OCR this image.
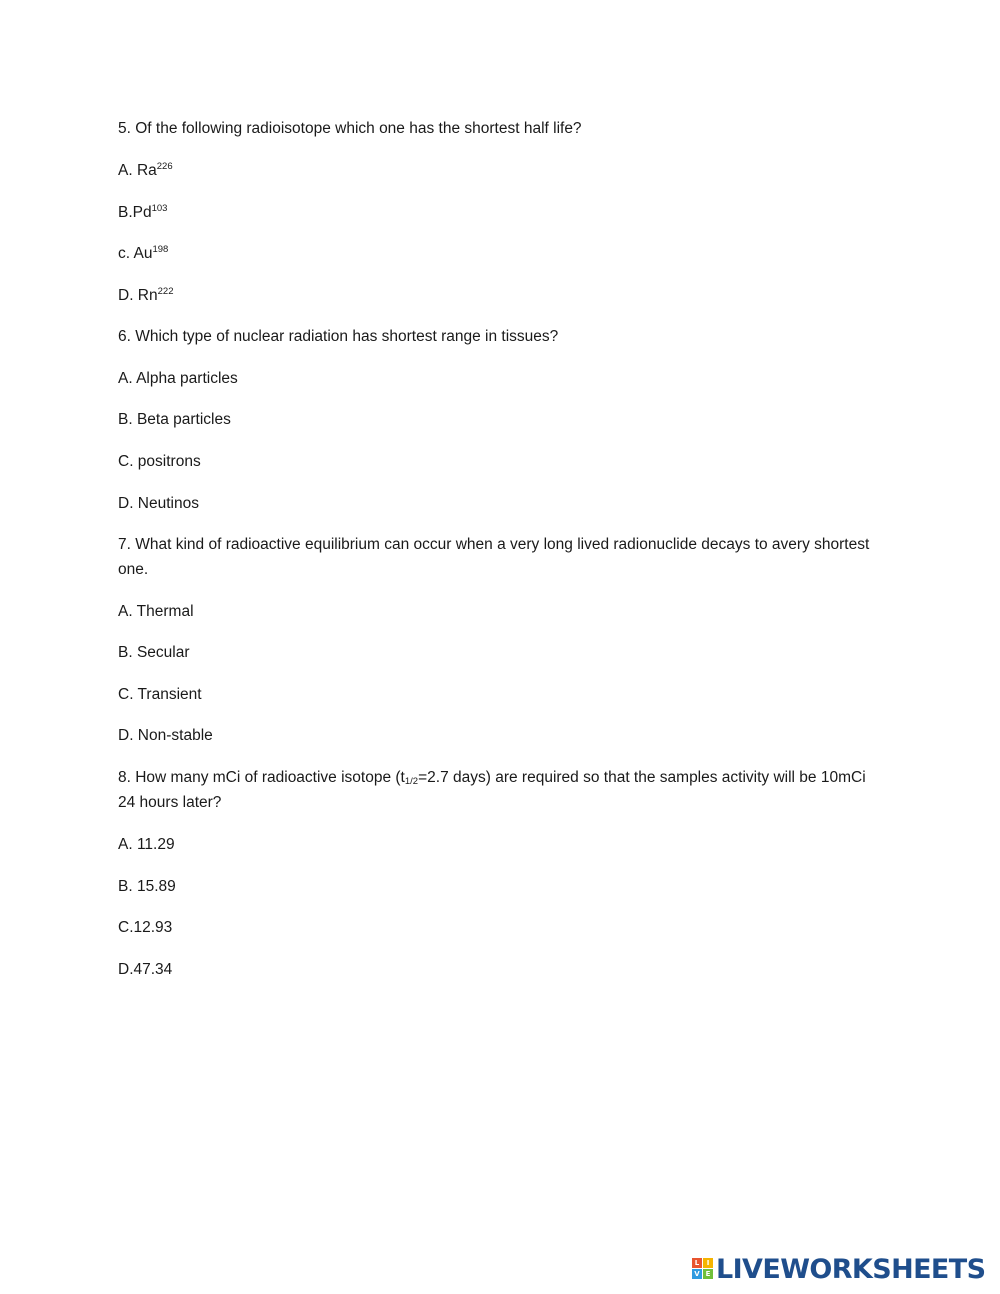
5. Of the following radioisotope which one has the shortest half life?
A. Ra$^{226}$
B.Pd$^{103}$
c. Au$^{198}$
D. Rn$^{222}$
6. Which type of nuclear radiation has shortest range in tissues?
A. Alpha particles
B. Beta particles
C. positrons
D. Neutinos
7. What kind of radioactive equilibrium can occur when a very long lived radionuclide decays to avery shortest one.
A. Thermal
B. Secular
C. Transient
D. Non-stable
8. How many mCi of radioactive isotope ($t_{1/2}=2.7$ days) are required so that the samples activity will be 10mCi 24 hours later?
A. 11.29
B. 15.89
C.12.93
D.47.34
L	I
V E LIVEWORKSHEETS
